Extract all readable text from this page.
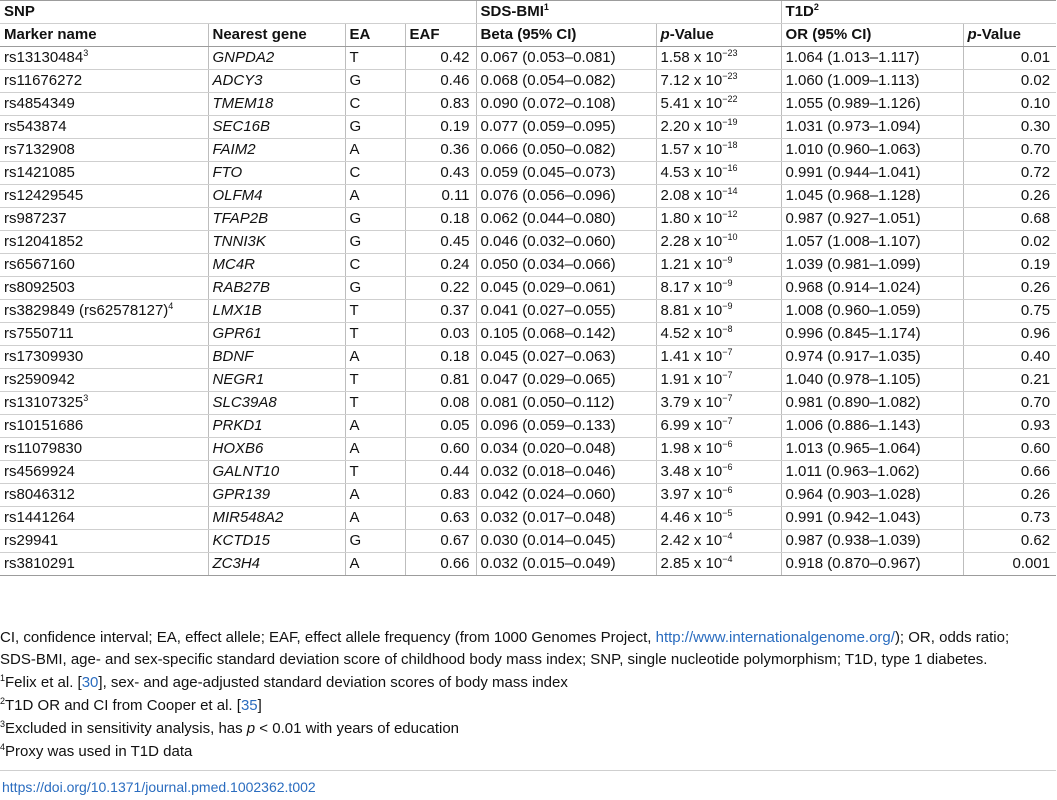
SNP				SDS-BMI$^1$		$T1D^2$
Marker name	Nearest gene	EA	EAF	Beta (95% CI)	p-Value	OR (95% CI)	p-Value
rs13130484$^3$	GNPDA2	T	0.42	0.067 (0.053–0.081)	1.58 x $10^{-23}$	1.064 (1.013–1.117)	0.01
rs11676272	ADCY3	G	0.46	0.068 (0.054–0.082)	7.12 x $10^{-23}$	1.060 (1.009–1.113)	0.02
rs4854349	TMEM18	C	0.83	0.090 (0.072–0.108)	5.41 x $10^{-22}$	1.055 (0.989–1.126)	0.10
rs543874	SEC16B	G	0.19	0.077 (0.059–0.095)	2.20 x $10^{-19}$	1.031 (0.973–1.094)	0.30
rs7132908	FAIM2	A	0.36	0.066 (0.050–0.082)	1.57 x $10^{-18}$	1.010 (0.960–1.063)	0.70
rs1421085	FTO	C	0.43	0.059 (0.045–0.073)	4.53 x $10^{-16}$	0.991 (0.944–1.041)	0.72
rs12429545	OLFM4	A	0.11	0.076 (0.056–0.096)	2.08 x $10^{-14}$	1.045 (0.968–1.128)	0.26
rs987237	TFAP2B	G	0.18	0.062 (0.044–0.080)	1.80 x $10^{-12}$	0.987 (0.927–1.051)	0.68
rs12041852	TNNI3K	G	0.45	0.046 (0.032–0.060)	2.28 x $10^{-10}$	1.057 (1.008–1.107)	0.02
rs6567160	MC4R	C	0.24	0.050 (0.034–0.066)	1.21 x $10^{-9}$	1.039 (0.981–1.099)	0.19
rs8092503	RAB27B	G	0.22	0.045 (0.029–0.061)	8.17 x $10^{-9}$	0.968 (0.914–1.024)	0.26
rs3829849 $(rs62578127)^4$	LMX1B	T	0.37	0.041 (0.027–0.055)	8.81 x $10^{-9}$	1.008 (0.960–1.059)	0.75
rs7550711	GPR61	T	0.03	0.105 (0.068–0.142)	4.52 x $10^{-8}$	0.996 (0.845–1.174)	0.96
rs17309930	BDNF	A	0.18	0.045 (0.027–0.063)	1.41 x $10^{-7}$	0.974 (0.917–1.035)	0.40
rs2590942	NEGR1	T	0.81	0.047 (0.029–0.065)	1.91 x $10^{-7}$	1.040 (0.978–1.105)	0.21
rs13107325$^3$	SLC39A8	T	0.08	0.081 (0.050–0.112)	3.79 x $10^{-7}$	0.981 (0.890–1.082)	0.70
rs10151686	PRKD1	A	0.05	0.096 (0.059–0.133)	6.99 x $10^{-7}$	1.006 (0.886–1.143)	0.93
rs11079830	HOXB6	A	0.60	0.034 (0.020–0.048)	1.98 x $10^{-6}$	1.013 (0.965–1.064)	0.60
rs4569924	GALNT10	T	0.44	0.032 (0.018–0.046)	3.48 x $10^{-6}$	1.011 (0.963–1.062)	0.66
rs8046312	GPR139	A	0.83	0.042 (0.024–0.060)	3.97 x $10^{-6}$	0.964 (0.903–1.028)	0.26
rs1441264	MIR548A2	A	0.63	0.032 (0.017–0.048)	4.46 x $10^{-5}$	0.991 (0.942–1.043)	0.73
rs29941	KCTD15	G	0.67	0.030 (0.014–0.045)	2.42 x $10^{-4}$	0.987 (0.938–1.039)	0.62
rs3810291	ZC3H4	A	0.66	0.032 (0.015–0.049)	2.85 x $10^{-4}$	0.918 (0.870–0.967)	0.001

CI, confidence interval; EA, effect allele; EAF, effect allele frequency (from 1000 Genomes Project, http://www.internationalgenome.org/); OR, odds ratio;

SDS-BMI, age- and sex-specific standard deviation score of childhood body mass index; SNP, single nucleotide polymorphism; T1D, type 1 diabetes.

$^1$Felix et al. [30], sex- and age-adjusted standard deviation scores of body mass index

$^2$T1D OR and CI from Cooper et al. [35]

$^3$Excluded in sensitivity analysis, has p < 0.01 with years of education

$^4$Proxy was used in T1D data

https://doi.org/10.1371/journal.pmed.1002362.t002
